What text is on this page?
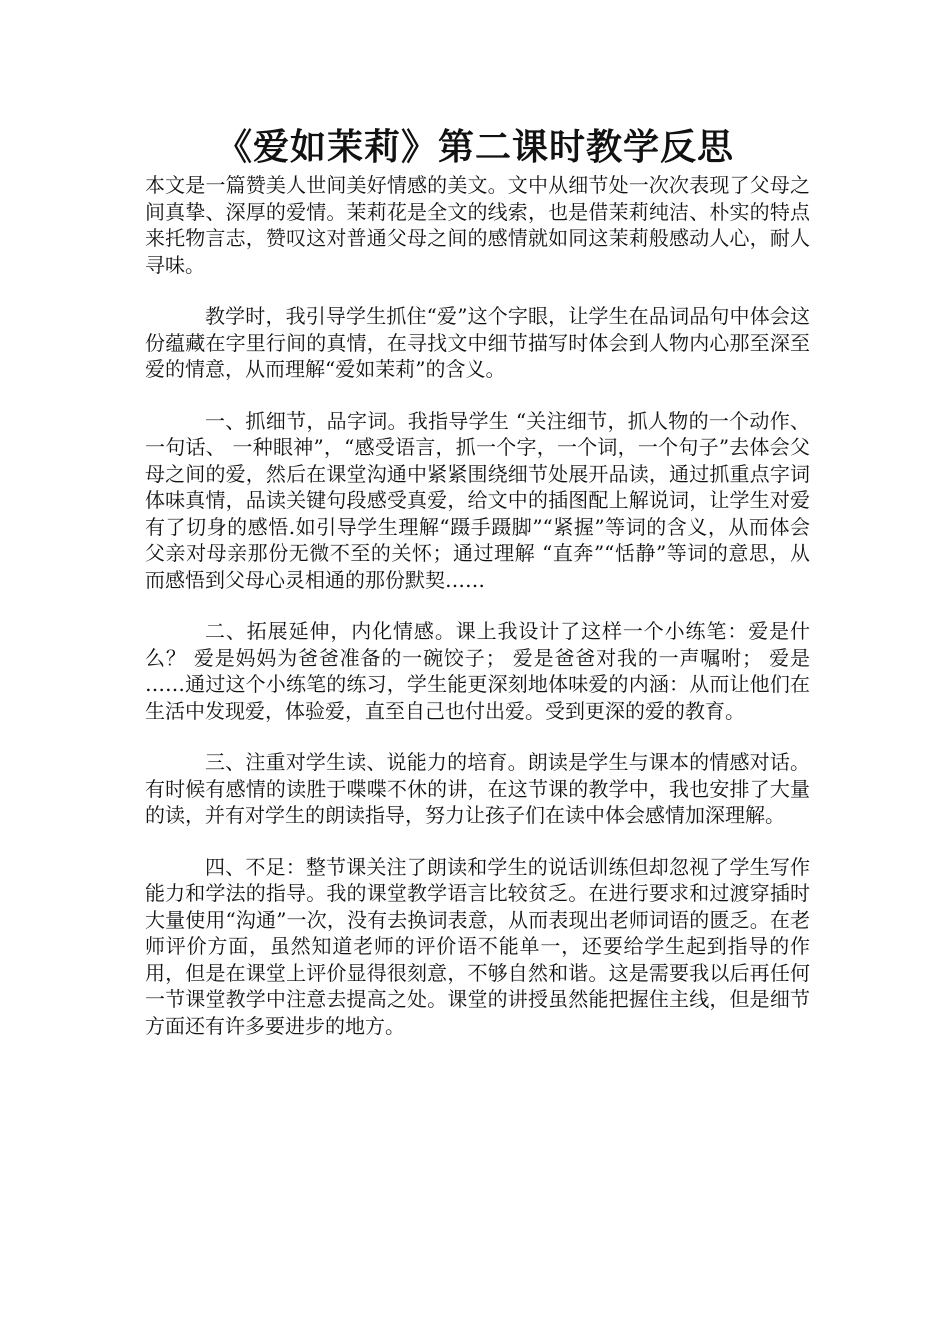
《爱如茉莉》第二课时教学反思

本文是一篇赞美人世间美好情感的美文。文中从细节处一次次表现了父母之间真挚、深厚的爱情。茉莉花是全文的线索，也是借茉莉纯洁、朴实的特点来托物言志，赞叹这对普通父母之间的感情就如同这茉莉般感动人心，耐人寻味。

教学时，我引导学生抓住“爱”这个字眼，让学生在品词品句中体会这份蕴藏在字里行间的真情，在寻找文中细节描写时体会到人物内心那至深至爱的情意，从而理解“爱如茉莉”的含义。

一、抓细节，品字词。我指导学生 “关注细节，抓人物的一个动作、 一句话、 一种眼神”，“感受语言，抓一个字，一个词，一个句子”去体会父母之间的爱，然后在课堂沟通中紧紧围绕细节处展开品读，通过抓重点字词体味真情，品读关键句段感受真爱，给文中的插图配上解说词，让学生对爱有了切身的感悟.如引导学生理解“蹑手蹑脚”“紧握”等词的含义，从而体会父亲对母亲那份无微不至的关怀；通过理解 “直奔”“恬静”等词的意思，从而感悟到父母心灵相通的那份默契……

二、拓展延伸，内化情感。课上我设计了这样一个小练笔：爱是什么？ 爱是妈妈为爸爸准备的一碗饺子； 爱是爸爸对我的一声嘱咐； 爱是 ……通过这个小练笔的练习，学生能更深刻地体味爱的内涵：从而让他们在生活中发现爱，体验爱，直至自己也付出爱。受到更深的爱的教育。

三、注重对学生读、说能力的培育。朗读是学生与课本的情感对话。有时候有感情的读胜于喋喋不休的讲，在这节课的教学中，我也安排了大量的读，并有对学生的朗读指导，努力让孩子们在读中体会感情加深理解。

四、不足：整节课关注了朗读和学生的说话训练但却忽视了学生写作能力和学法的指导。我的课堂教学语言比较贫乏。在进行要求和过渡穿插时大量使用“沟通”一次，没有去换词表意，从而表现出老师词语的匮乏。在老师评价方面，虽然知道老师的评价语不能单一，还要给学生起到指导的作用，但是在课堂上评价显得很刻意，不够自然和谐。这是需要我以后再任何一节课堂教学中注意去提高之处。课堂的讲授虽然能把握住主线，但是细节方面还有许多要进步的地方。
